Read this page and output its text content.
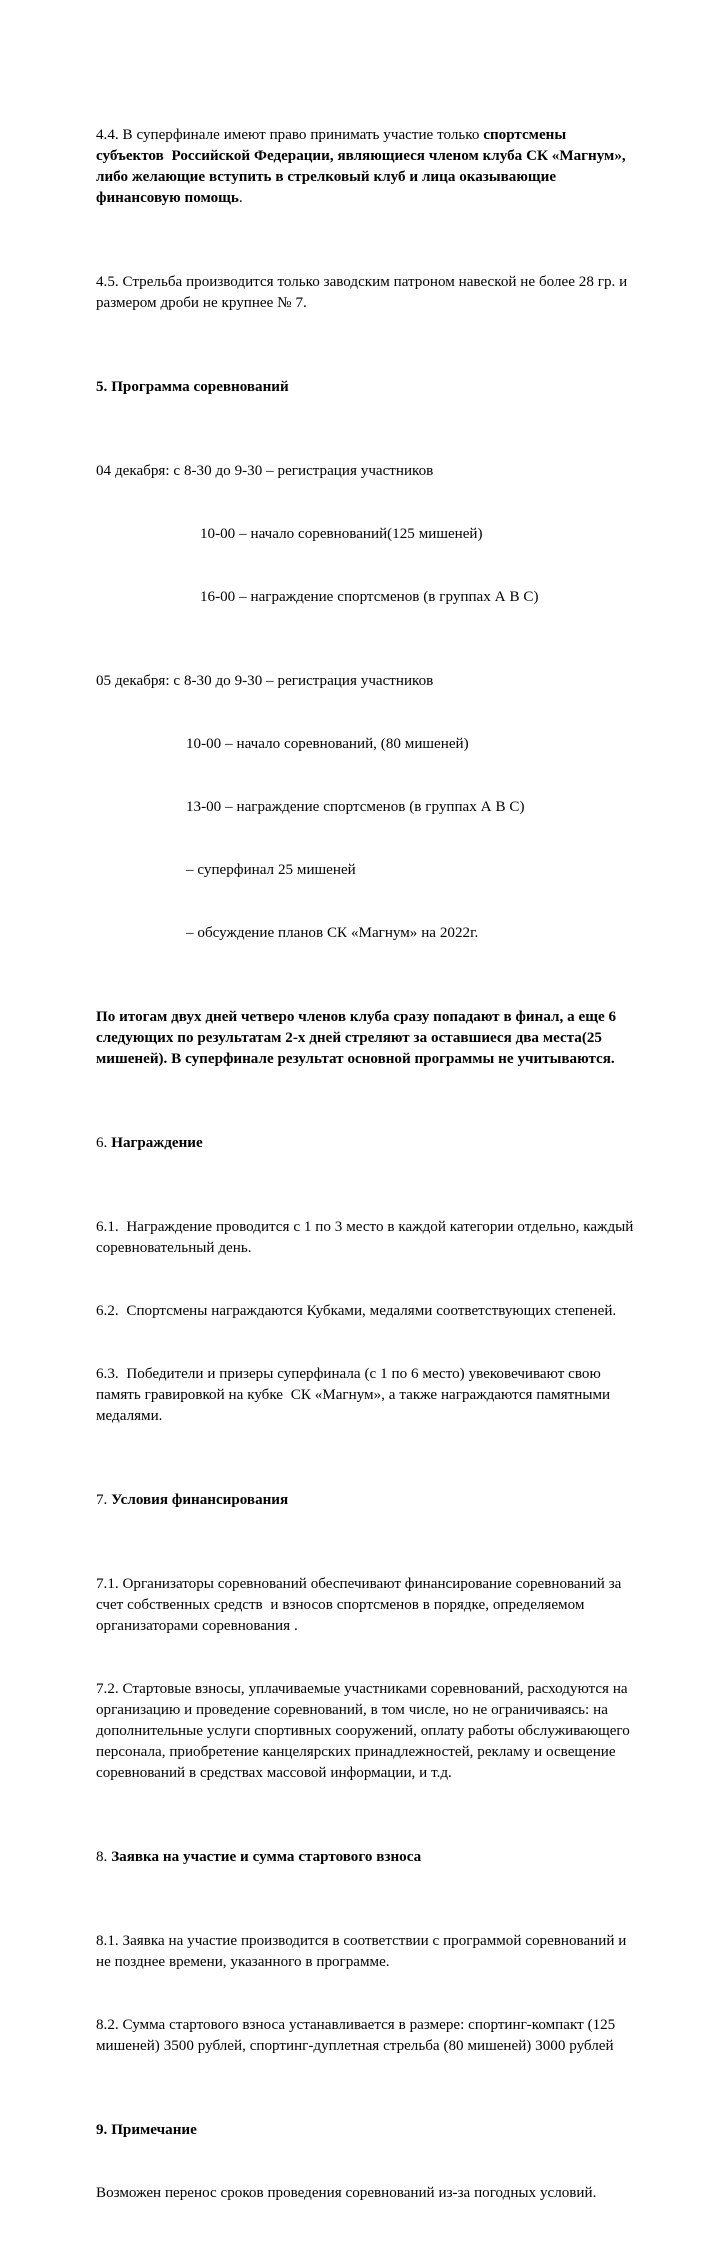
4.4. В суперфинале имеют право принимать участие только спортсмены субъектов  Российской Федерации, являющиеся членом клуба СК «Магнум», либо желающие вступить в стрелковый клуб и лица оказывающие финансовую помощь.

4.5. Стрельба производится только заводским патроном навеской не более 28 гр. и размером дроби не крупнее № 7.

5. Программа соревнований

04 декабря: с 8-30 до 9-30 – регистрация участников

10-00 – начало соревнований(125 мишеней)

16-00 – награждение спортсменов (в группах А В С)

05 декабря: с 8-30 до 9-30 – регистрация участников

10-00 – начало соревнований, (80 мишеней)

13-00 – награждение спортсменов (в группах А В С)

– суперфинал 25 мишеней

– обсуждение планов СК «Магнум» на 2022г.

По итогам двух дней четверо членов клуба сразу попадают в финал, а еще 6 следующих по результатам 2-х дней стреляют за оставшиеся два места(25 мишеней). В суперфинале результат основной программы не учитываются.

6. Награждение

6.1.  Награждение проводится с 1 по 3 место в каждой категории отдельно, каждый соревновательный день.

6.2.  Спортсмены награждаются Кубками, медалями соответствующих степеней.

6.3.  Победители и призеры суперфинала (с 1 по 6 место) увековечивают свою память гравировкой на кубке  СК «Магнум», а также награждаются памятными медалями.

7. Условия финансирования

7.1. Организаторы соревнований обеспечивают финансирование соревнований за счет собственных средств  и взносов спортсменов в порядке, определяемом организаторами соревнования .

7.2. Стартовые взносы, уплачиваемые участниками соревнований, расходуются на организацию и проведение соревнований, в том числе, но не ограничиваясь: на дополнительные услуги спортивных сооружений, оплату работы обслуживающего персонала, приобретение канцелярских принадлежностей, рекламу и освещение соревнований в средствах массовой информации, и т.д.

8. Заявка на участие и сумма стартового взноса

8.1. Заявка на участие производится в соответствии с программой соревнований и не позднее времени, указанного в программе.

8.2. Сумма стартового взноса устанавливается в размере: спортинг-компакт (125 мишеней) 3500 рублей, спортинг-дуплетная стрельба (80 мишеней) 3000 рублей

9. Примечание

Возможен перенос сроков проведения соревнований из-за погодных условий.
